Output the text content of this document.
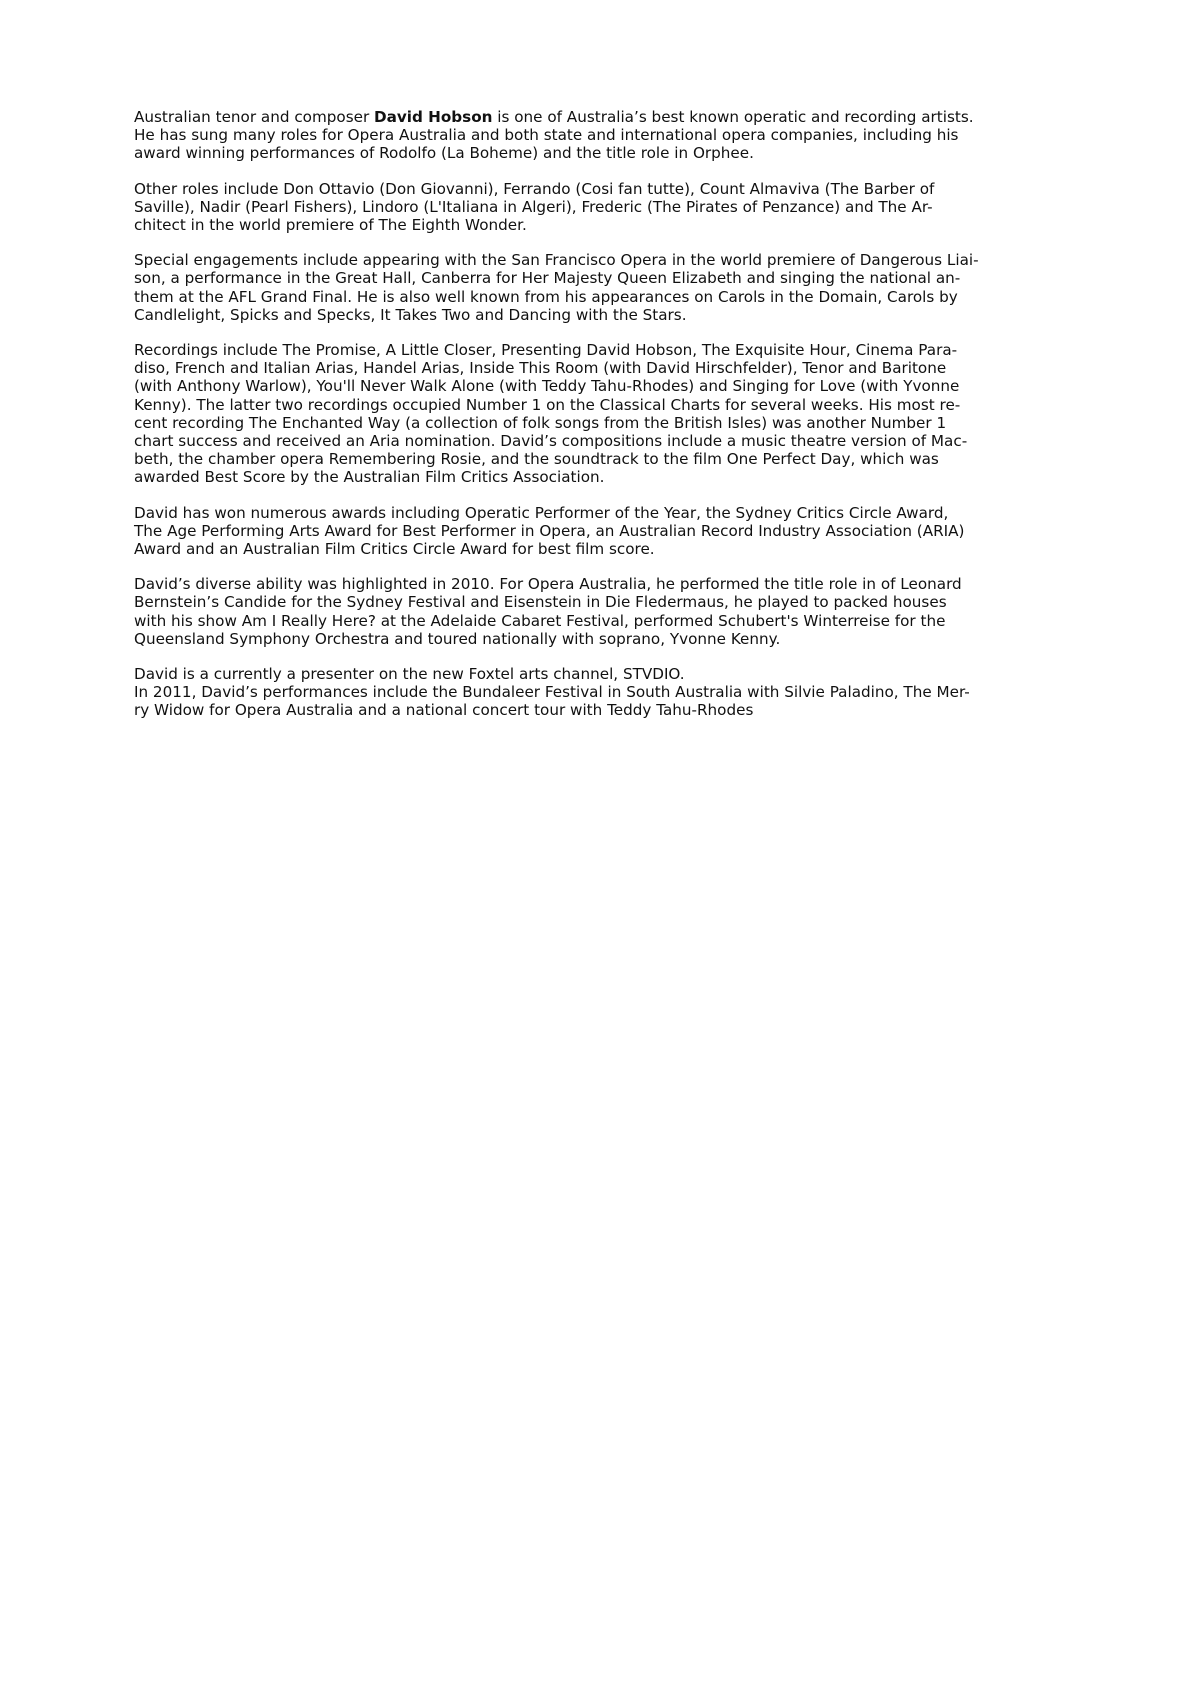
Australian tenor and composer David Hobson is one of Australia’s best known operatic and recording artists.
He has sung many roles for Opera Australia and both state and international opera companies, including his
award winning performances of Rodolfo (La Boheme) and the title role in Orphee.

Other roles include Don Ottavio (Don Giovanni), Ferrando (Cosi fan tutte), Count Almaviva (The Barber of
Saville), Nadir (Pearl Fishers), Lindoro (L'Italiana in Algeri), Frederic (The Pirates of Penzance) and The Ar-
chitect in the world premiere of The Eighth Wonder.

Special engagements include appearing with the San Francisco Opera in the world premiere of Dangerous Liai-
son, a performance in the Great Hall, Canberra for Her Majesty Queen Elizabeth and singing the national an-
them at the AFL Grand Final. He is also well known from his appearances on Carols in the Domain, Carols by
Candlelight, Spicks and Specks, It Takes Two and Dancing with the Stars.

Recordings include The Promise, A Little Closer, Presenting David Hobson, The Exquisite Hour, Cinema Para-
diso, French and Italian Arias, Handel Arias, Inside This Room (with David Hirschfelder), Tenor and Baritone
(with Anthony Warlow), You'll Never Walk Alone (with Teddy Tahu-Rhodes) and Singing for Love (with Yvonne
Kenny). The latter two recordings occupied Number 1 on the Classical Charts for several weeks. His most re-
cent recording The Enchanted Way (a collection of folk songs from the British Isles) was another Number 1
chart success and received an Aria nomination. David’s compositions include a music theatre version of Mac-
beth, the chamber opera Remembering Rosie, and the soundtrack to the film One Perfect Day, which was
awarded Best Score by the Australian Film Critics Association.

David has won numerous awards including Operatic Performer of the Year, the Sydney Critics Circle Award,
The Age Performing Arts Award for Best Performer in Opera, an Australian Record Industry Association (ARIA)
Award and an Australian Film Critics Circle Award for best film score.

David’s diverse ability was highlighted in 2010. For Opera Australia, he performed the title role in of Leonard
Bernstein’s Candide for the Sydney Festival and Eisenstein in Die Fledermaus, he played to packed houses
with his show Am I Really Here? at the Adelaide Cabaret Festival, performed Schubert's Winterreise for the
Queensland Symphony Orchestra and toured nationally with soprano, Yvonne Kenny.

David is a currently a presenter on the new Foxtel arts channel, STVDIO.

In 2011, David’s performances include the Bundaleer Festival in South Australia with Silvie Paladino, The Mer-
ry Widow for Opera Australia and a national concert tour with Teddy Tahu-Rhodes
